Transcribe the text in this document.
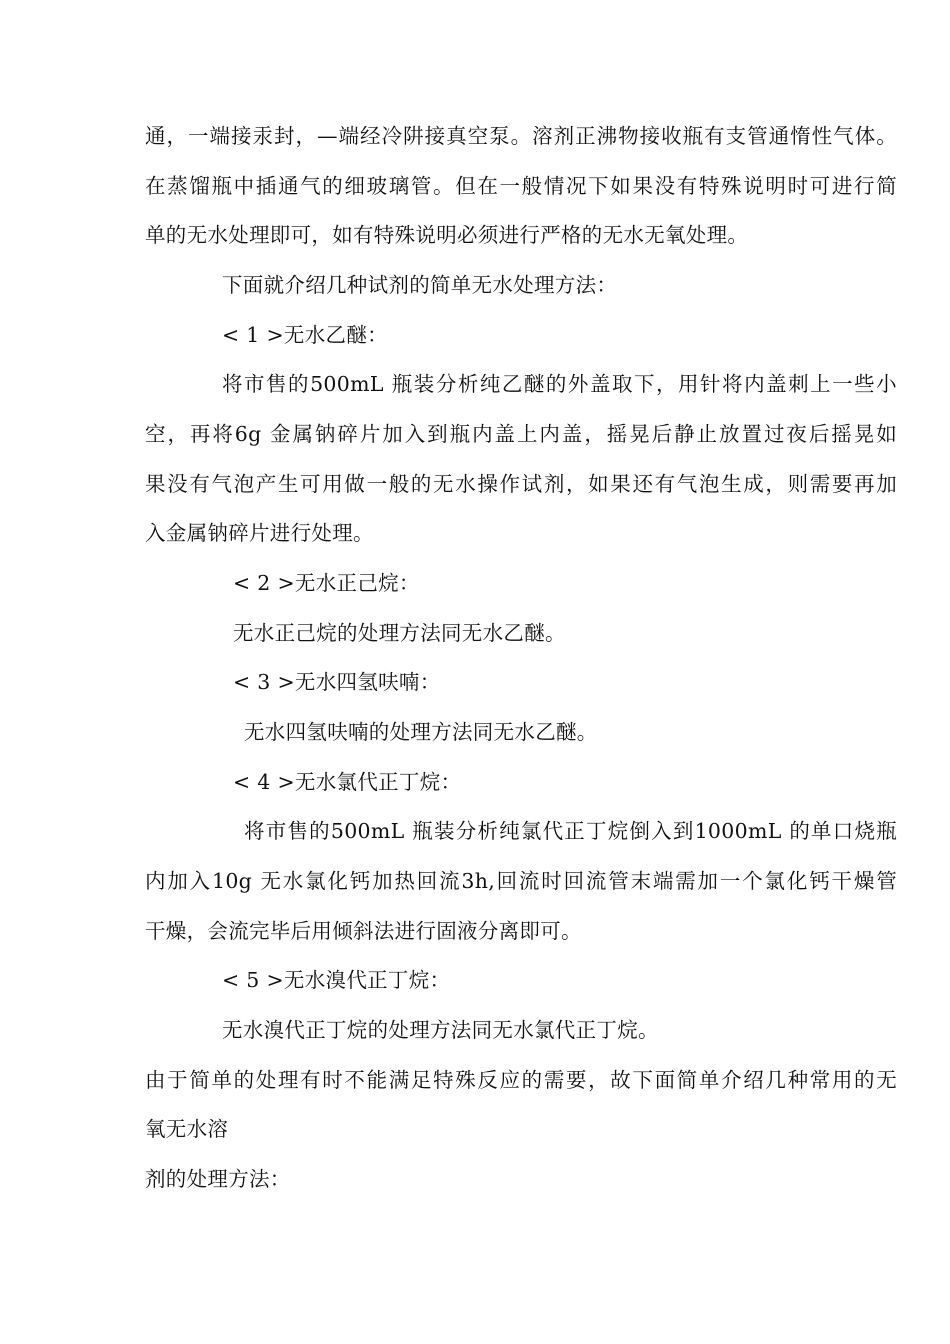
通，一端接汞封，—端经冷阱接真空泵。溶剂正沸物接收瓶有支管通惰性气体。
在蒸馏瓶中插通气的细玻璃管。但在一般情况下如果没有特殊说明时可进行简
单的无水处理即可，如有特殊说明必须进行严格的无水无氧处理。
下面就介绍几种试剂的简单无水处理方法：
< 1 >无水乙醚：
将市售的500mL 瓶装分析纯乙醚的外盖取下，用针将内盖刺上一些小
空，再将6g 金属钠碎片加入到瓶内盖上内盖，摇晃后静止放置过夜后摇晃如
果没有气泡产生可用做一般的无水操作试剂，如果还有气泡生成，则需要再加
入金属钠碎片进行处理。
< 2 >无水正己烷：
无水正己烷的处理方法同无水乙醚。
< 3 >无水四氢呋喃：
无水四氢呋喃的处理方法同无水乙醚。
< 4 >无水氯代正丁烷：
将市售的500mL 瓶装分析纯氯代正丁烷倒入到1000mL 的单口烧瓶
内加入10g 无水氯化钙加热回流3h,回流时回流管末端需加一个氯化钙干燥管
干燥，会流完毕后用倾斜法进行固液分离即可。
< 5 >无水溴代正丁烷：
无水溴代正丁烷的处理方法同无水氯代正丁烷。
由于简单的处理有时不能满足特殊反应的需要，故下面简单介绍几种常用的无
氧无水溶
剂的处理方法：
